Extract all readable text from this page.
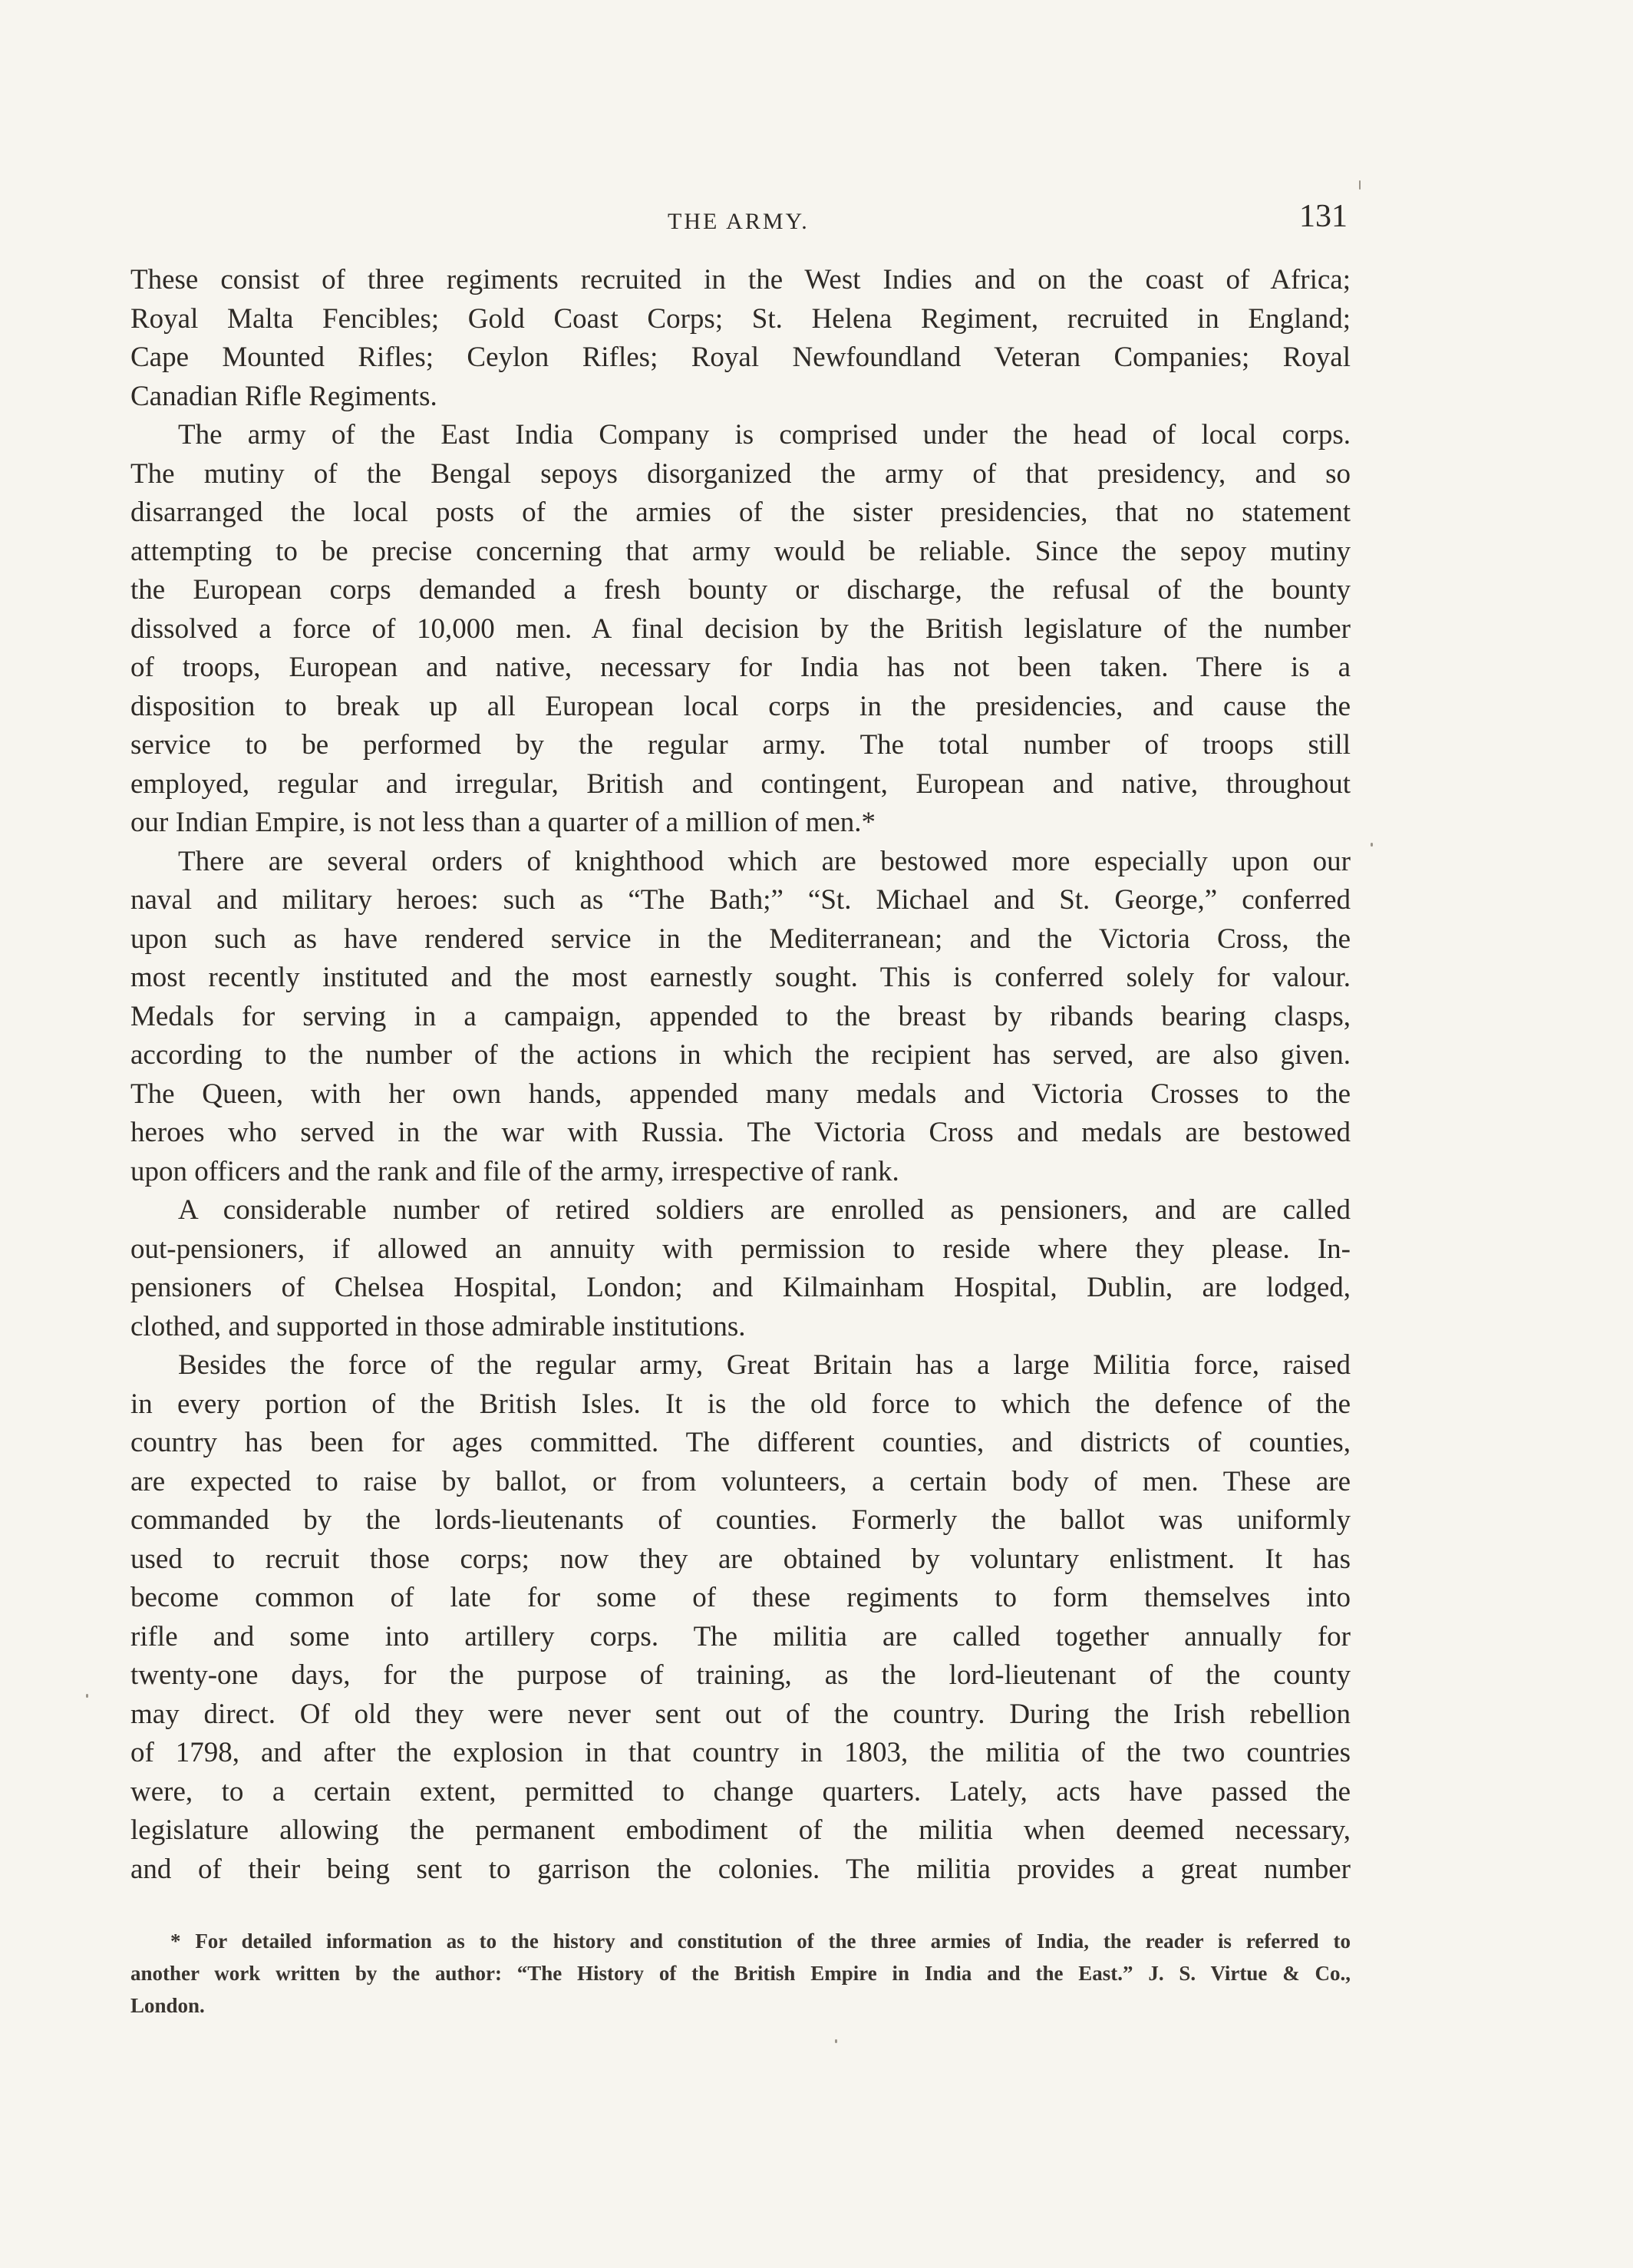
THE ARMY.	131
These consist of three regiments recruited in the West Indies and on the coast of Africa;
Royal Malta Fencibles; Gold Coast Corps; St. Helena Regiment, recruited in England;
Cape Mounted Rifles; Ceylon Rifles; Royal Newfoundland Veteran Companies; Royal
Canadian Rifle Regiments.
The army of the East India Company is comprised under the head of local corps.
The mutiny of the Bengal sepoys disorganized the army of that presidency, and so
disarranged the local posts of the armies of the sister presidencies, that no statement
attempting to be precise concerning that army would be reliable. Since the sepoy mutiny
the European corps demanded a fresh bounty or discharge, the refusal of the bounty
dissolved a force of 10,000 men. A final decision by the British legislature of the number
of troops, European and native, necessary for India has not been taken. There is a
disposition to break up all European local corps in the presidencies, and cause the
service to be performed by the regular army. The total number of troops still
employed, regular and irregular, British and contingent, European and native, throughout
our Indian Empire, is not less than a quarter of a million of men.*
There are several orders of knighthood which are bestowed more especially upon our
naval and military heroes: such as “The Bath;” “St. Michael and St. George,” conferred
upon such as have rendered service in the Mediterranean; and the Victoria Cross, the
most recently instituted and the most earnestly sought. This is conferred solely for valour.
Medals for serving in a campaign, appended to the breast by ribands bearing clasps,
according to the number of the actions in which the recipient has served, are also given.
The Queen, with her own hands, appended many medals and Victoria Crosses to the
heroes who served in the war with Russia. The Victoria Cross and medals are bestowed
upon officers and the rank and file of the army, irrespective of rank.
A considerable number of retired soldiers are enrolled as pensioners, and are called
out-pensioners, if allowed an annuity with permission to reside where they please. In-
pensioners of Chelsea Hospital, London; and Kilmainham Hospital, Dublin, are lodged,
clothed, and supported in those admirable institutions.
Besides the force of the regular army, Great Britain has a large Militia force, raised
in every portion of the British Isles. It is the old force to which the defence of the
country has been for ages committed. The different counties, and districts of counties,
are expected to raise by ballot, or from volunteers, a certain body of men. These are
commanded by the lords-lieutenants of counties. Formerly the ballot was uniformly
used to recruit those corps; now they are obtained by voluntary enlistment. It has
become common of late for some of these regiments to form themselves into
rifle and some into artillery corps. The militia are called together annually for
twenty-one days, for the purpose of training, as the lord-lieutenant of the county
may direct. Of old they were never sent out of the country. During the Irish rebellion
of 1798, and after the explosion in that country in 1803, the militia of the two countries
were, to a certain extent, permitted to change quarters. Lately, acts have passed the
legislature allowing the permanent embodiment of the militia when deemed necessary,
and of their being sent to garrison the colonies. The militia provides a great number
* For detailed information as to the history and constitution of the three armies of India, the reader is referred to
another work written by the author: “The History of the British Empire in India and the East.” J. S. Virtue & Co.,
London.
